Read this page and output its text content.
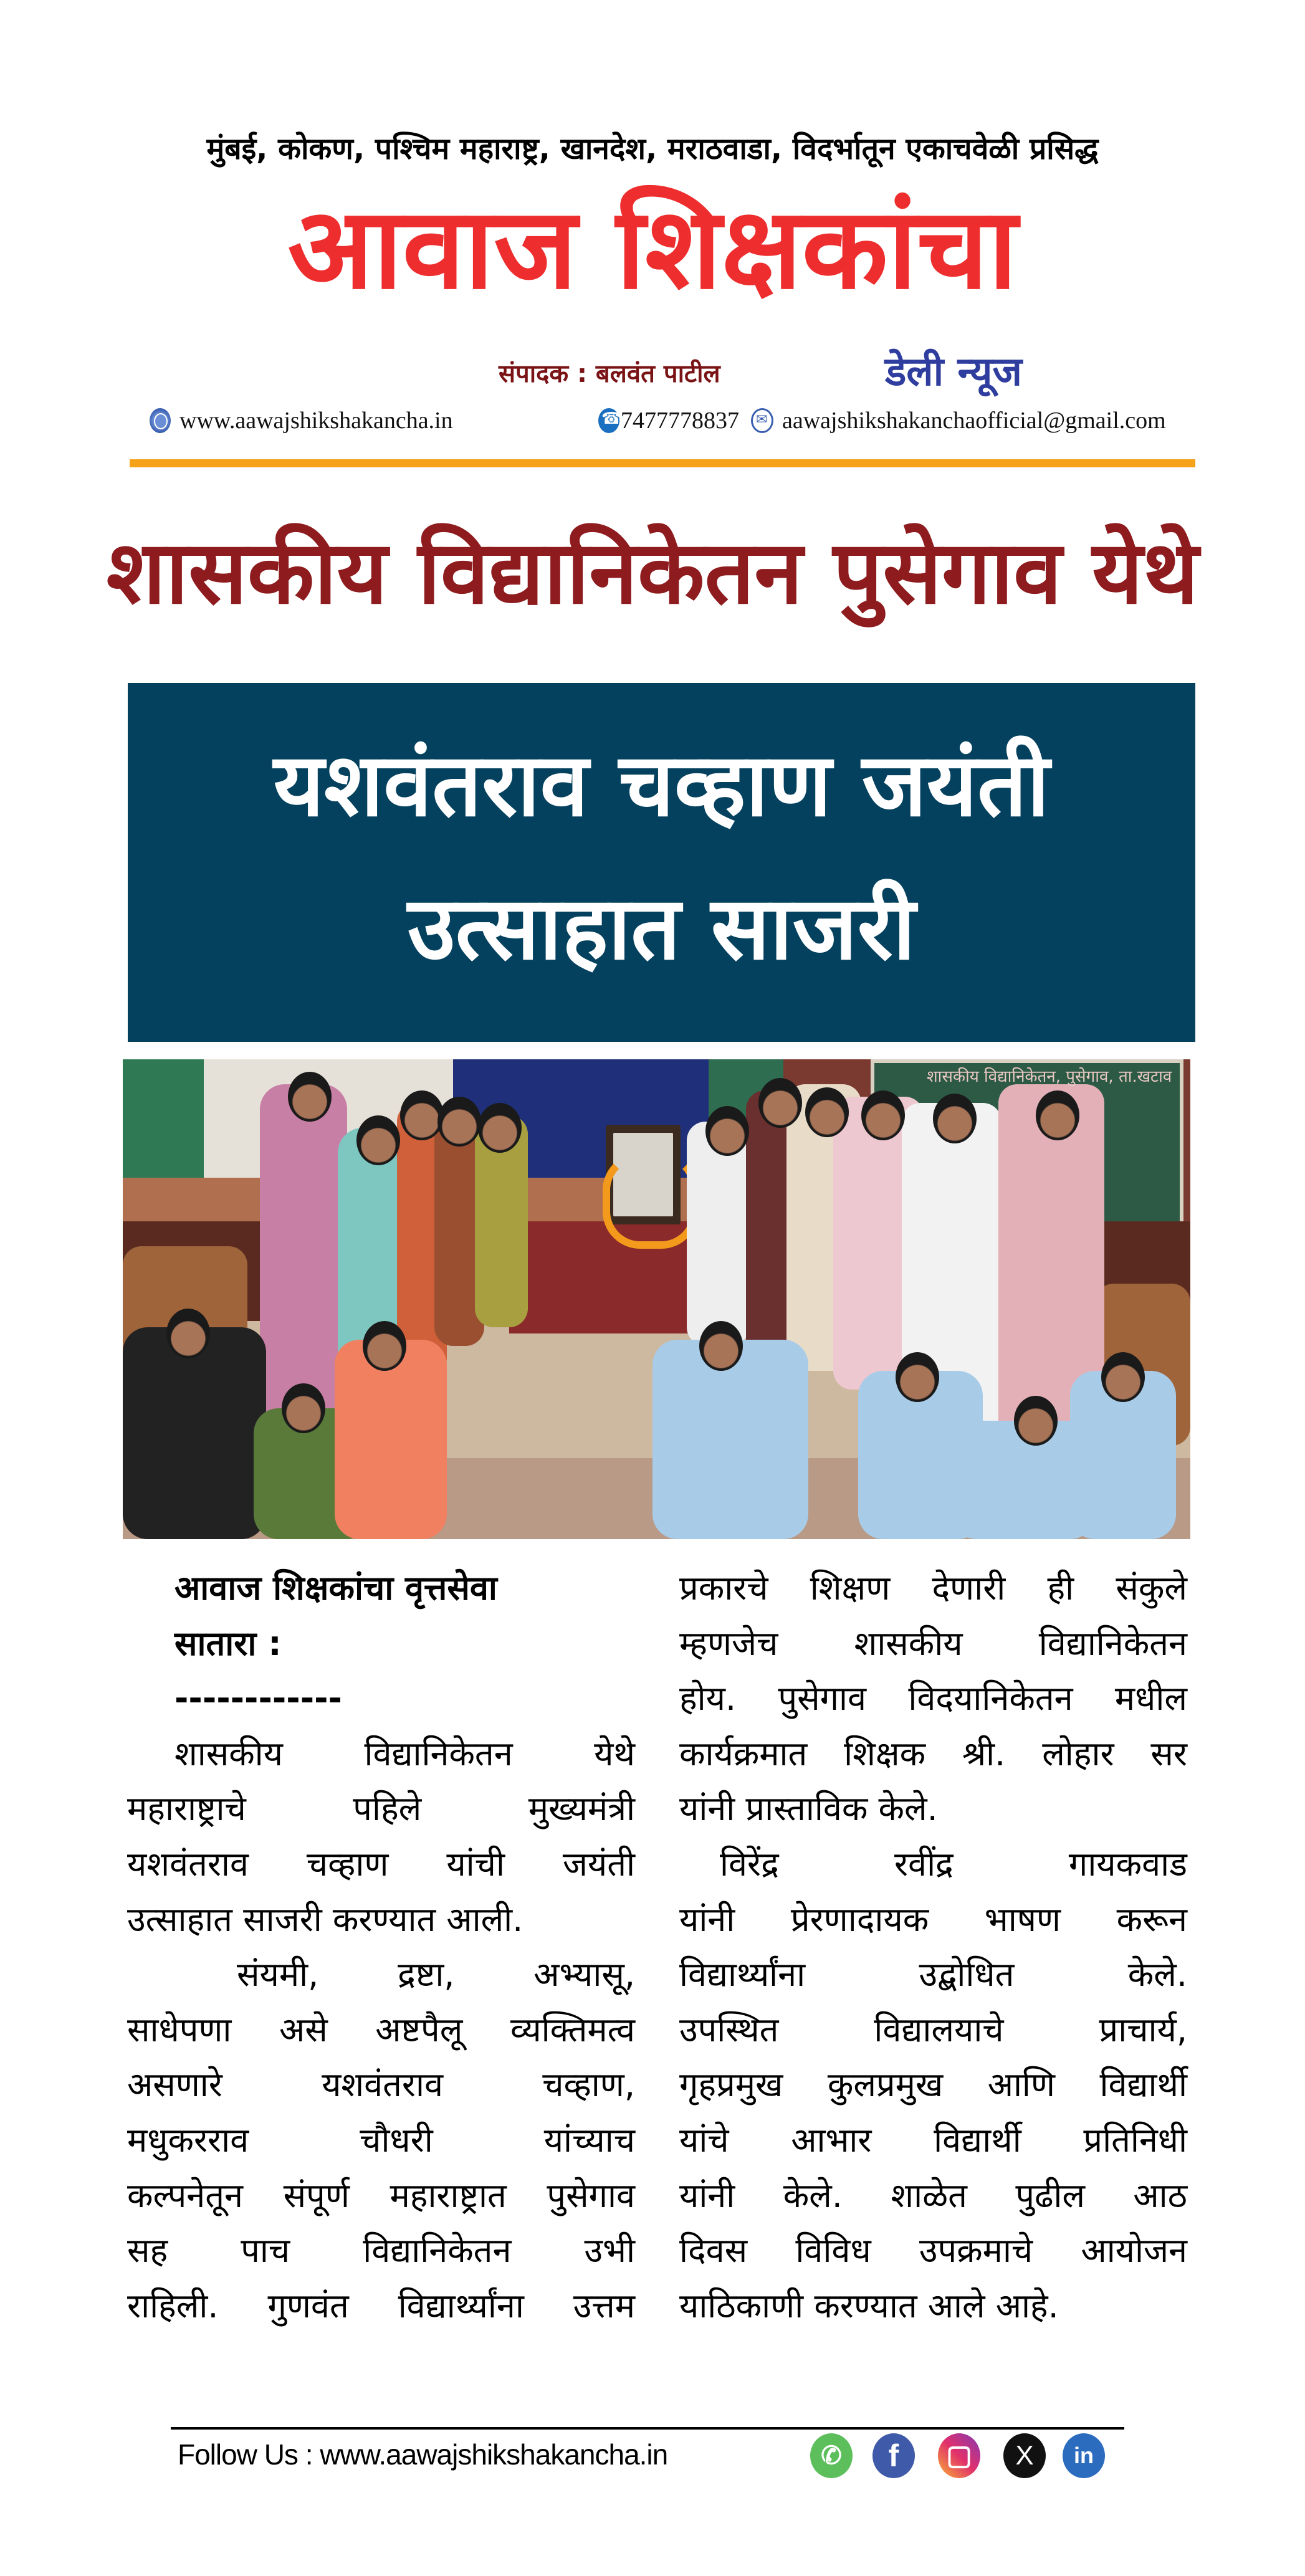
मुंबई, कोकण, पश्चिम महाराष्ट्र, खानदेश, मराठवाडा, विदर्भातून एकाचवेळी प्रसिद्ध
आवाज शिक्षकांचा
संपादक : बलवंत पाटील	डेली न्यूज
www.aawajshikshakancha.in ☎	7477778837 ✉ aawajshikshakanchaofficial@gmail.com
शासकीय विद्यानिकेतन पुसेगाव येथे
यशवंतराव चव्हाण जयंती
उत्साहात साजरी
शासकीय विद्यानिकेतन, पुसेगाव, ता.खटाव
आवाज शिक्षकांचा वृत्तसेवा
सातारा :
------------
शासकीय विद्यानिकेतन येथे
महाराष्ट्राचे पहिले मुख्यमंत्री
यशवंतराव चव्हाण यांची जयंती
उत्साहात साजरी करण्यात आली.
संयमी, द्रष्टा, अभ्यासू,
साधेपणा असे अष्टपैलू व्यक्तिमत्व
असणारे यशवंतराव चव्हाण,
मधुकरराव चौधरी यांच्याच
कल्पनेतून संपूर्ण महाराष्ट्रात पुसेगाव
सह पाच विद्यानिकेतन उभी
राहिली. गुणवंत विद्यार्थ्यांना उत्तम
प्रकारचे शिक्षण देणारी ही संकुले
म्हणजेच शासकीय विद्यानिकेतन
होय. पुसेगाव विदयानिकेतन मधील
कार्यक्रमात शिक्षक श्री. लोहार सर
यांनी प्रास्ताविक केले.
विरेंद्र रवींद्र गायकवाड
यांनी प्रेरणादायक भाषण करून
विद्यार्थ्यांना उद्बोधित केले.
उपस्थित विद्यालयाचे प्राचार्य,
गृहप्रमुख कुलप्रमुख आणि विद्यार्थी
यांचे आभार विद्यार्थी प्रतिनिधी
यांनी केले. शाळेत पुढील आठ
दिवस विविध उपक्रमाचे आयोजन
याठिकाणी करण्यात आले आहे.
Follow Us : www.aawajshikshakancha.in
✆
f
▢
X
in
